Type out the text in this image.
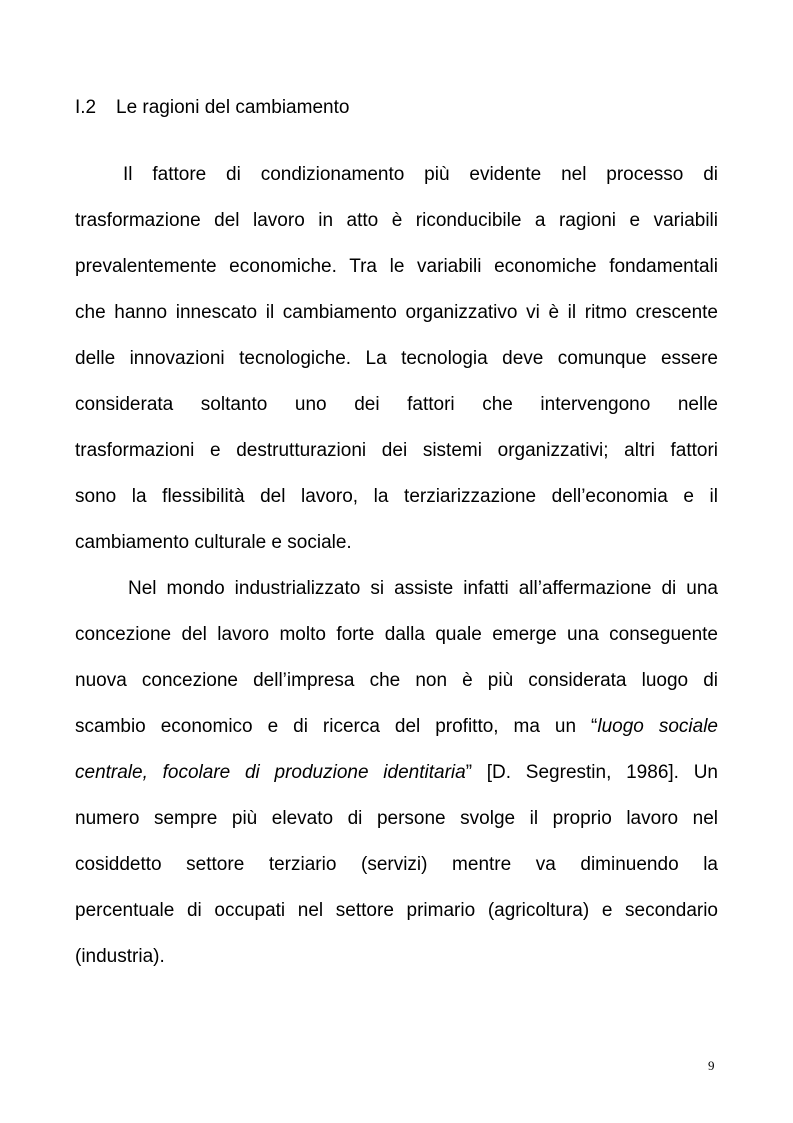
I.2 Le ragioni del cambiamento
Il fattore di condizionamento più evidente nel processo di
trasformazione del lavoro in atto è riconducibile a ragioni e variabili
prevalentemente economiche. Tra le variabili economiche fondamentali
che hanno innescato il cambiamento organizzativo vi è il ritmo crescente
delle innovazioni tecnologiche. La tecnologia deve comunque essere
considerata soltanto uno dei fattori che intervengono nelle
trasformazioni e destrutturazioni dei sistemi organizzativi; altri fattori
sono la flessibilità del lavoro, la terziarizzazione dell’economia e il
cambiamento culturale e sociale.
Nel mondo industrializzato si assiste infatti all’affermazione di una
concezione del lavoro molto forte dalla quale emerge una conseguente
nuova concezione dell’impresa che non è più considerata luogo di
scambio economico e di ricerca del profitto, ma un “luogo sociale
centrale, focolare di produzione identitaria” [D. Segrestin, 1986]. Un
numero sempre più elevato di persone svolge il proprio lavoro nel
cosiddetto settore terziario (servizi) mentre va diminuendo la
percentuale di occupati nel settore primario (agricoltura) e secondario
(industria).
9
